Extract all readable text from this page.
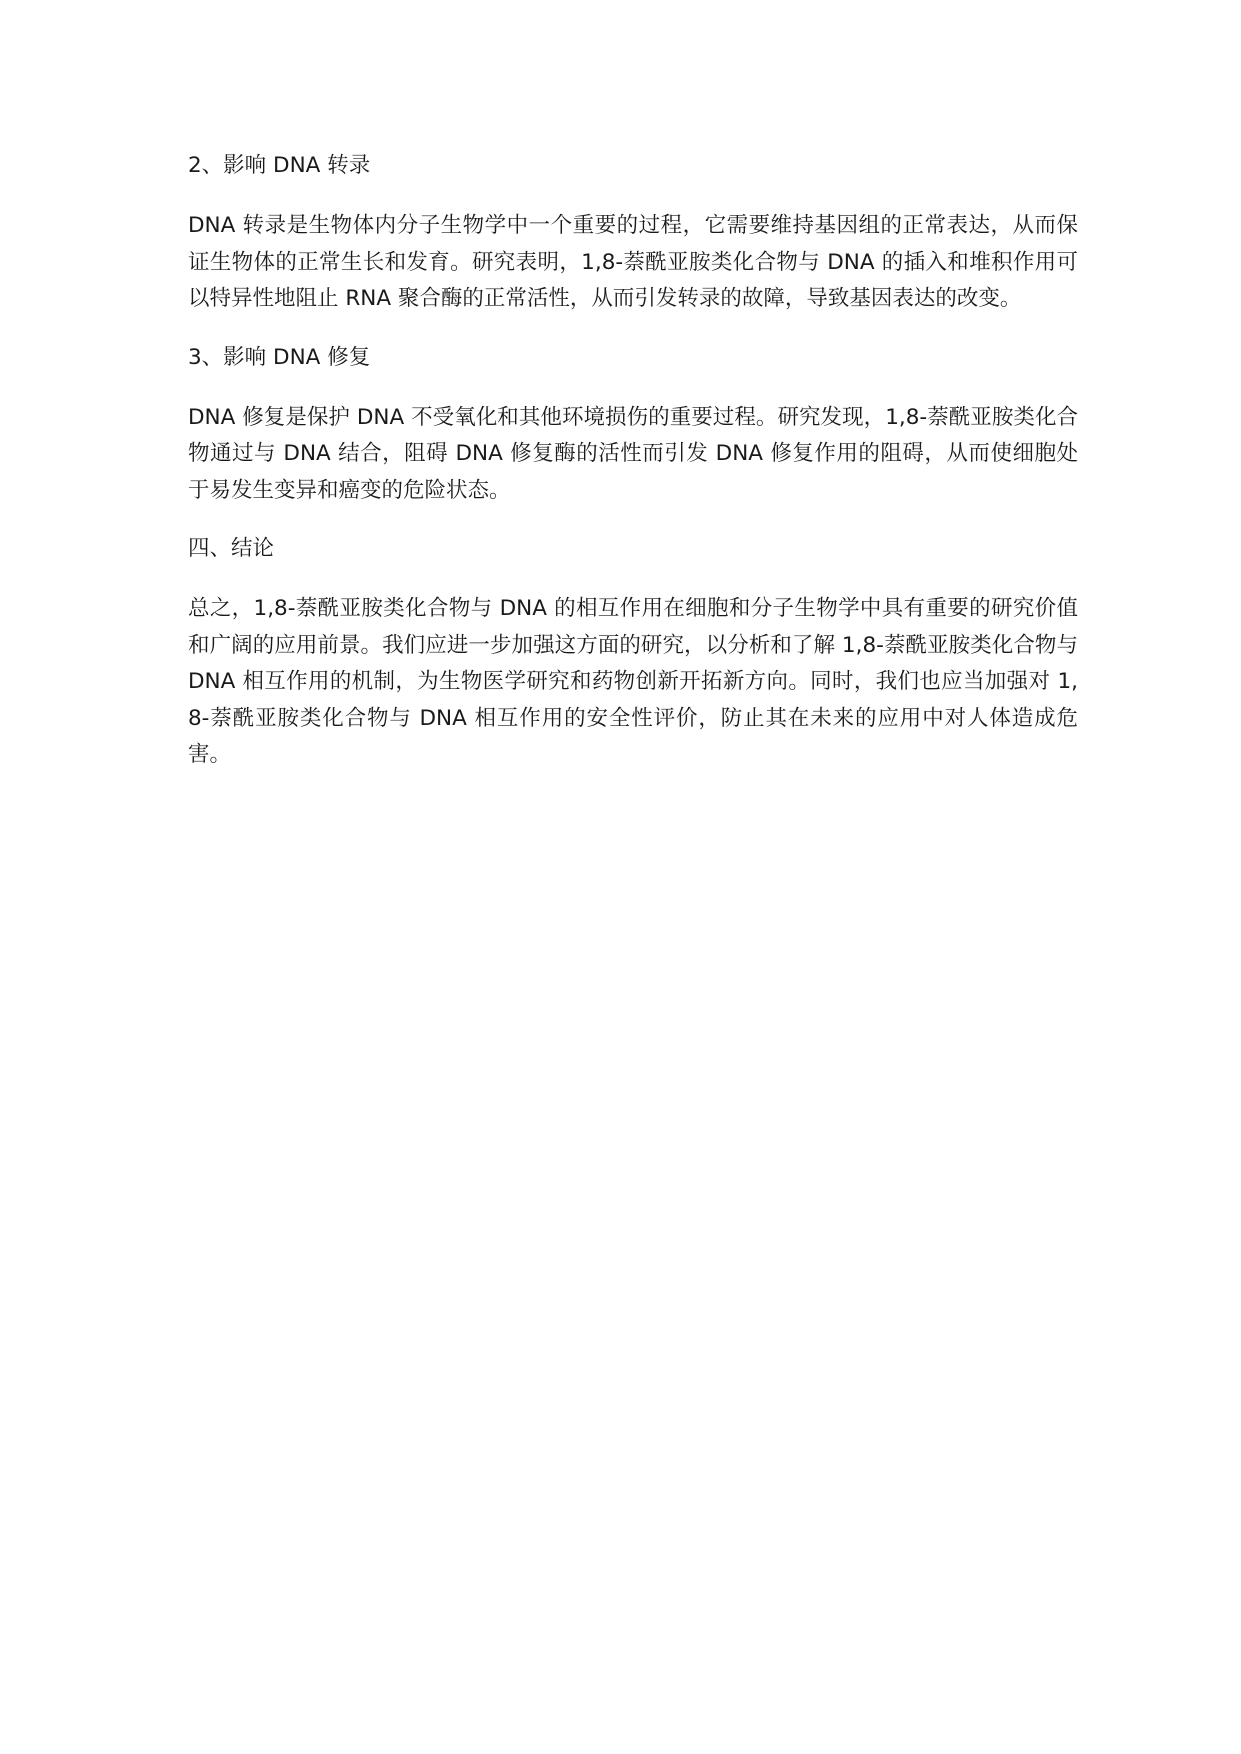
2、影响 DNA 转录

DNA 转录是生物体内分子生物学中一个重要的过程，它需要维持基因组的正常表达，从而保证生物体的正常生长和发育。研究表明，1,8-萘酰亚胺类化合物与 DNA 的插入和堆积作用可以特异性地阻止 RNA 聚合酶的正常活性，从而引发转录的故障，导致基因表达的改变。

3、影响 DNA 修复

DNA 修复是保护 DNA 不受氧化和其他环境损伤的重要过程。研究发现，1,8-萘酰亚胺类化合物通过与 DNA 结合，阻碍 DNA 修复酶的活性而引发 DNA 修复作用的阻碍，从而使细胞处于易发生变异和癌变的危险状态。

四、结论

总之，1,8-萘酰亚胺类化合物与 DNA 的相互作用在细胞和分子生物学中具有重要的研究价值和广阔的应用前景。我们应进一步加强这方面的研究，以分析和了解 1,8-萘酰亚胺类化合物与 DNA 相互作用的机制，为生物医学研究和药物创新开拓新方向。同时，我们也应当加强对 1,8-萘酰亚胺类化合物与 DNA 相互作用的安全性评价，防止其在未来的应用中对人体造成危害。
